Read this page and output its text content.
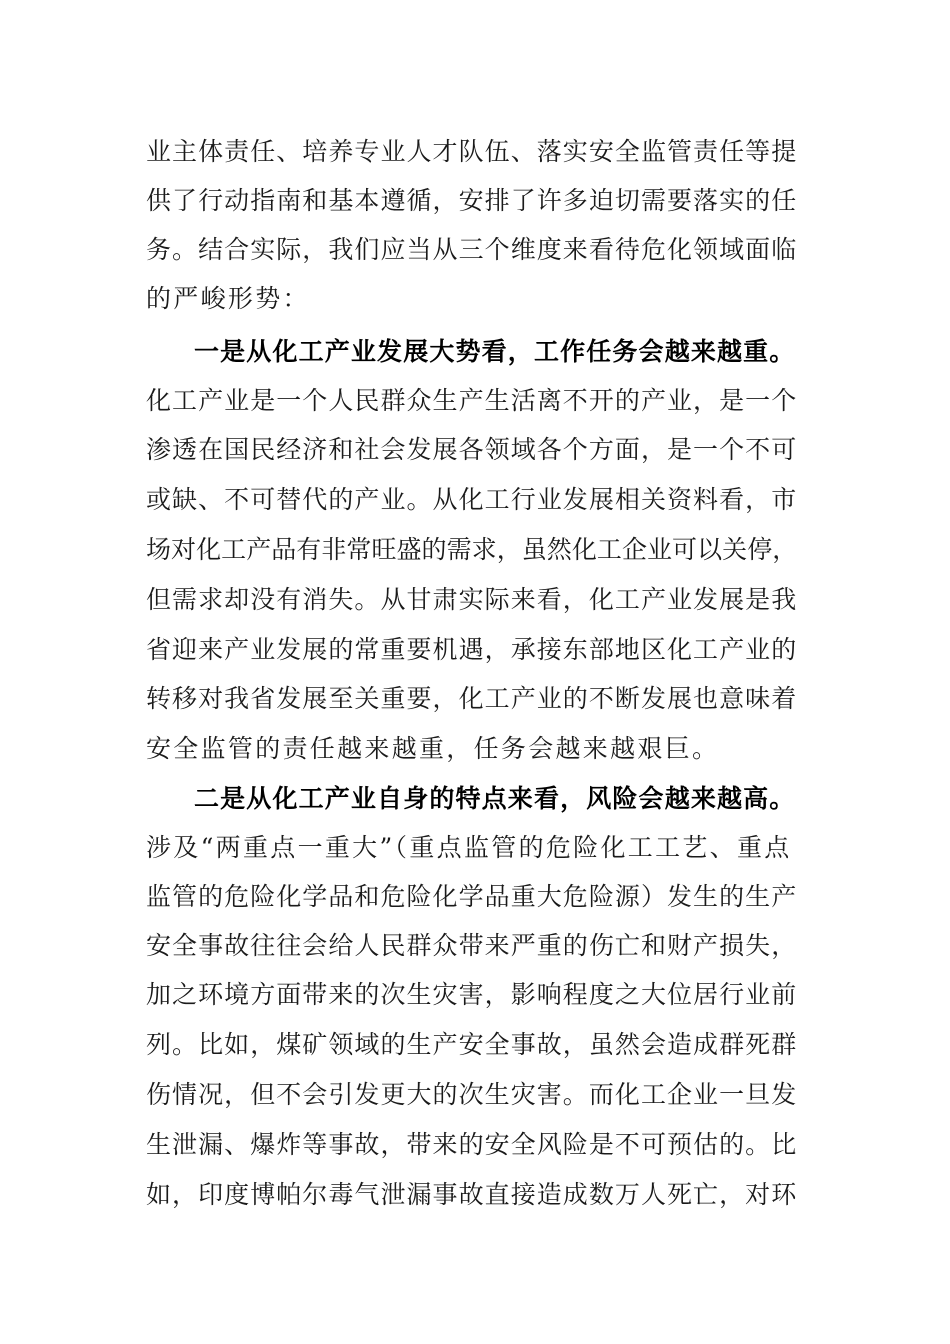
业主体责任、培养专业人才队伍、落实安全监管责任等提
供了行动指南和基本遵循，安排了许多迫切需要落实的任
务。结合实际，我们应当从三个维度来看待危化领域面临
的严峻形势：
一是从化工产业发展大势看，工作任务会越来越重。
化工产业是一个人民群众生产生活离不开的产业，是一个
渗透在国民经济和社会发展各领域各个方面，是一个不可
或缺、不可替代的产业。从化工行业发展相关资料看，市
场对化工产品有非常旺盛的需求，虽然化工企业可以关停，
但需求却没有消失。从甘肃实际来看，化工产业发展是我
省迎来产业发展的常重要机遇，承接东部地区化工产业的
转移对我省发展至关重要，化工产业的不断发展也意味着
安全监管的责任越来越重，任务会越来越艰巨。
二是从化工产业自身的特点来看，风险会越来越高。
涉及“两重点一重大”（重点监管的危险化工工艺、重点
监管的危险化学品和危险化学品重大危险源）发生的生产
安全事故往往会给人民群众带来严重的伤亡和财产损失，
加之环境方面带来的次生灾害，影响程度之大位居行业前
列。比如，煤矿领域的生产安全事故，虽然会造成群死群
伤情况，但不会引发更大的次生灾害。而化工企业一旦发
生泄漏、爆炸等事故，带来的安全风险是不可预估的。比
如，印度博帕尔毒气泄漏事故直接造成数万人死亡，对环
